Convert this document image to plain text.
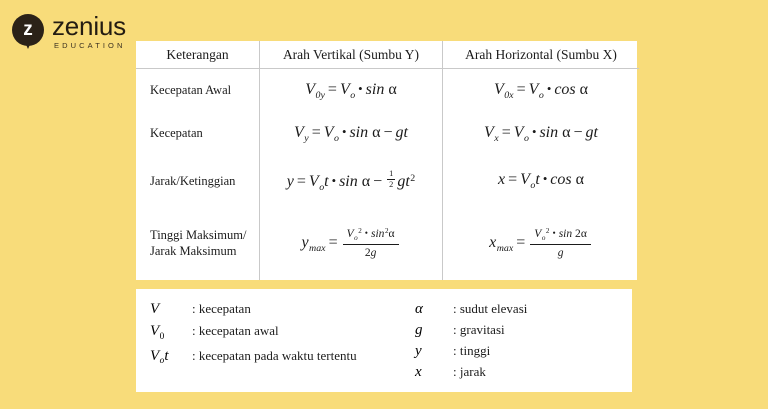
z zenius
EDUCATION
Keterangan	Arah Vertikal (Sumbu Y)	Arah Horizontal (Sumbu X)
Kecepatan Awal	$V_{0y} = V_o$ • sin α	$V_{0x} = V_o$ • cos α
Kecepatan	$V_y = V_o$ • sin α − gt	$V_x = V_o$ • sin α − gt
Jarak/Ketinggian	$y = V_ot$ • $\sin \alpha - \frac{1}{2} gt^2$	$x = V_ot$ • cos α
Tinggi Maksimum/
Jarak Maksimum	$y_{max} = \frac{V_o^2 • \sin^2\alpha}{2g}$	$x_{max} = \frac{V_o^2 • \sin 2\alpha}{g}$
V	: kecepatan
$V_0$	: kecepatan awal
$V_ot$	: kecepatan pada waktu tertentu
α	: sudut elevasi
g	: gravitasi
y	: tinggi
x	: jarak
